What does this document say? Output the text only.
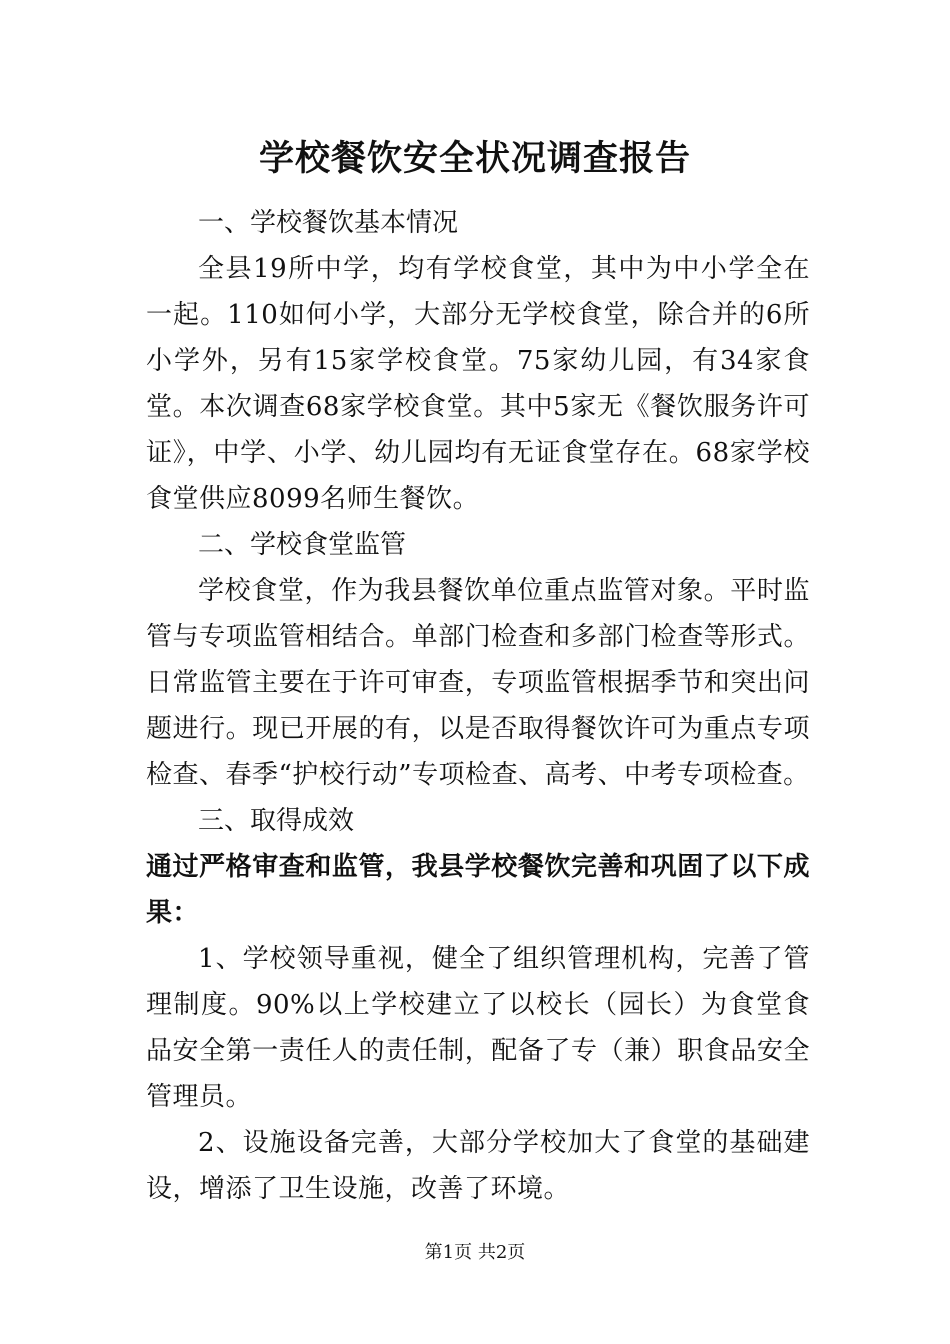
学校餐饮安全状况调查报告
一、学校餐饮基本情况
全县19所中学，均有学校食堂，其中为中小学全在一起。110如何小学，大部分无学校食堂，除合并的6所小学外，另有15家学校食堂。75家幼儿园，有34家食堂。本次调查68家学校食堂。其中5家无《餐饮服务许可证》，中学、小学、幼儿园均有无证食堂存在。68家学校食堂供应8099名师生餐饮。
二、学校食堂监管
学校食堂，作为我县餐饮单位重点监管对象。平时监管与专项监管相结合。单部门检查和多部门检查等形式。日常监管主要在于许可审查，专项监管根据季节和突出问题进行。现已开展的有，以是否取得餐饮许可为重点专项检查、春季“护校行动”专项检查、高考、中考专项检查。
三、取得成效
通过严格审查和监管，我县学校餐饮完善和巩固了以下成果：
1、学校领导重视，健全了组织管理机构，完善了管理制度。90%以上学校建立了以校长（园长）为食堂食品安全第一责任人的责任制，配备了专（兼）职食品安全管理员。
2、设施设备完善，大部分学校加大了食堂的基础建设，增添了卫生设施，改善了环境。
第1页 共2页
